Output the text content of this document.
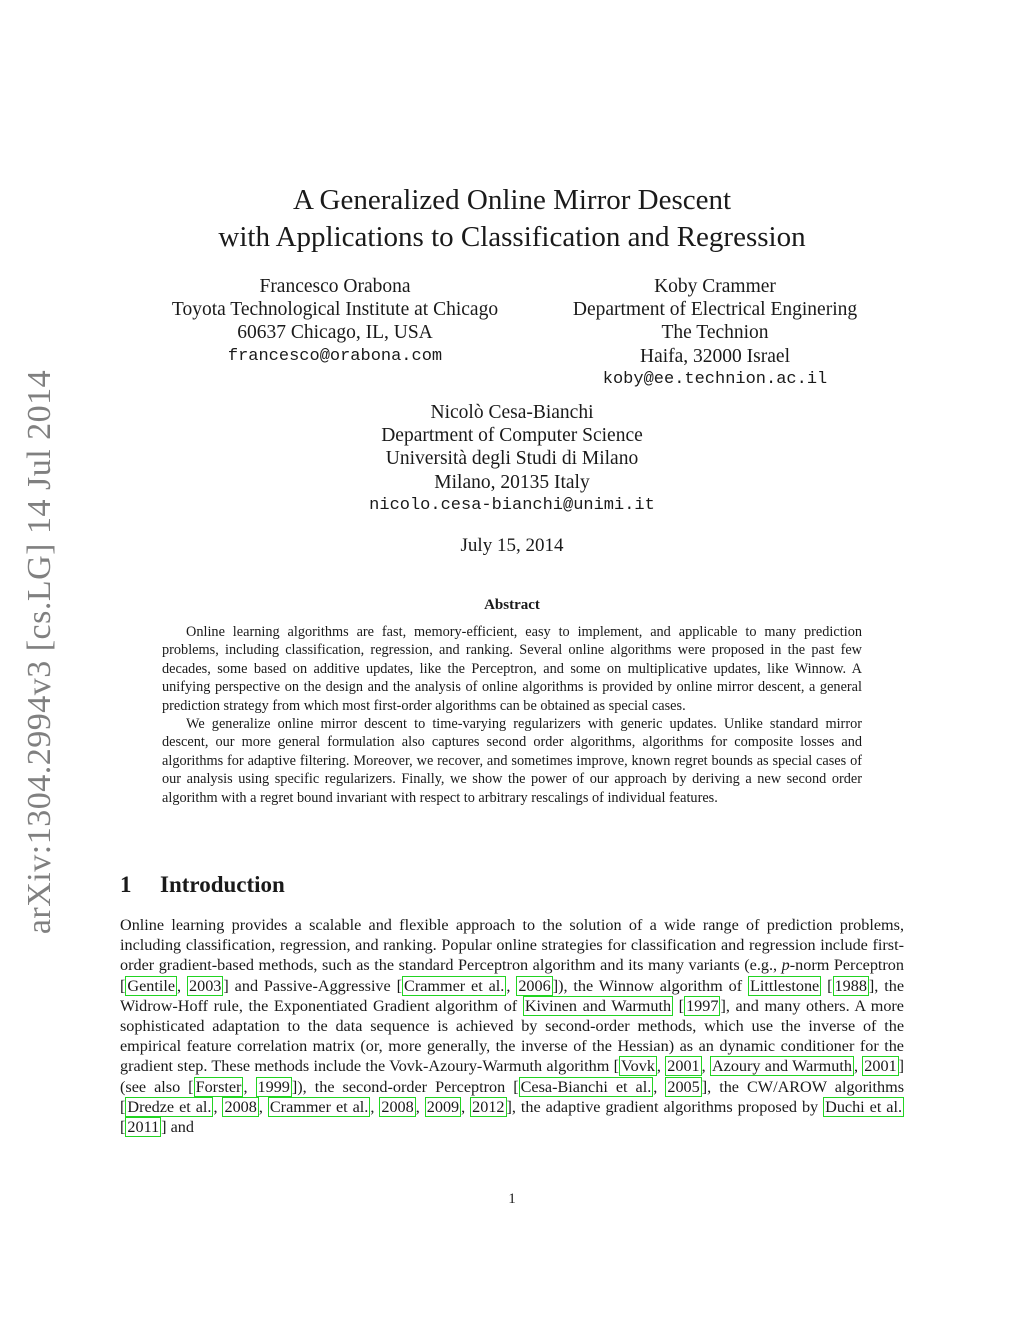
arXiv:1304.2994v3 [cs.LG] 14 Jul 2014
A Generalized Online Mirror Descent
with Applications to Classification and Regression
Francesco Orabona
Toyota Technological Institute at Chicago
60637 Chicago, IL, USA
francesco@orabona.com
Koby Crammer
Department of Electrical Enginering
The Technion
Haifa, 32000 Israel
koby@ee.technion.ac.il
Nicolò Cesa-Bianchi
Department of Computer Science
Università degli Studi di Milano
Milano, 20135 Italy
nicolo.cesa-bianchi@unimi.it
July 15, 2014
Abstract

Online learning algorithms are fast, memory-efficient, easy to implement, and applicable to many prediction problems, including classification, regression, and ranking. Several online algorithms were proposed in the past few decades, some based on additive updates, like the Perceptron, and some on multiplicative updates, like Winnow. A unifying perspective on the design and the analysis of online algorithms is provided by online mirror descent, a general prediction strategy from which most first-order algorithms can be obtained as special cases.

We generalize online mirror descent to time-varying regularizers with generic updates. Unlike standard mirror descent, our more general formulation also captures second order algorithms, algorithms for composite losses and algorithms for adaptive filtering. Moreover, we recover, and sometimes improve, known regret bounds as special cases of our analysis using specific regularizers. Finally, we show the power of our approach by deriving a new second order algorithm with a regret bound invariant with respect to arbitrary rescalings of individual features.

1 Introduction

Online learning provides a scalable and flexible approach to the solution of a wide range of prediction problems, including classification, regression, and ranking. Popular online strategies for classification and regression include first-order gradient-based methods, such as the standard Perceptron algorithm and its many variants (e.g., p-norm Perceptron [ Gentile , 2003 ] and Passive-Aggressive [ Crammer et al. , 2006 ]), the Winnow algorithm of Littlestone [ 1988 ], the Widrow-Hoff rule, the Exponentiated Gradient algorithm of Kivinen and Warmuth [ 1997 ], and many others. A more sophisticated adaptation to the data sequence is achieved by second-order methods, which use the inverse of the empirical feature correlation matrix (or, more generally, the inverse of the Hessian) as an dynamic conditioner for the gradient step. These methods include the Vovk-Azoury-Warmuth algorithm [ Vovk , 2001 , Azoury and Warmuth , 2001 ] (see also [ Forster , 1999 ]), the second-order Perceptron [ Cesa-Bianchi et al. , 2005 ], the CW/AROW algorithms [ Dredze et al. , 2008 , Crammer et al. , 2008 , 2009 , 2012 ], the adaptive gradient algorithms proposed by Duchi et al. [ 2011 ] and

1
